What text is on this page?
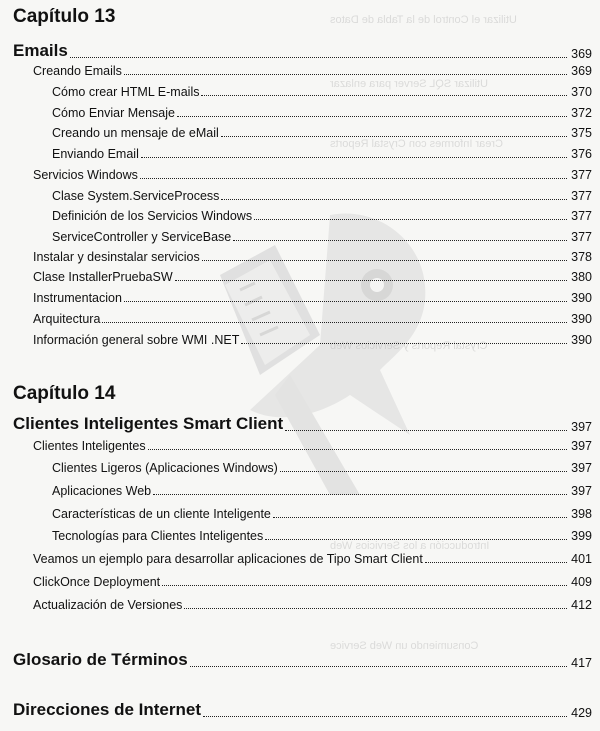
Utilizar el Control de la Tabla de Datos
Utilizar SQL Server para enlazar
Crear Informes con Crystal Reports
Crystal Reports y Servicios Web
Introducción a los Servicios Web
Consumiendo un Web Service
Capítulo 13
Emails	369
Creando Emails	369
Cómo crear HTML E-mails	370
Cómo Enviar Mensaje	372
Creando un mensaje de eMail	375
Enviando Email	376
Servicios Windows	377
Clase System.ServiceProcess	377
Definición de los Servicios Windows	377
ServiceController y ServiceBase	377
Instalar y desinstalar servicios	378
Clase InstallerPruebaSW	380
Instrumentacion	390
Arquitectura	390
Información general sobre WMI .NET	390
Capítulo 14
Clientes Inteligentes Smart Client	397
Clientes Inteligentes	397
Clientes Ligeros (Aplicaciones Windows)	397
Aplicaciones Web	397
Características de un cliente Inteligente	398
Tecnologías para Clientes Inteligentes	399
Veamos un ejemplo para desarrollar aplicaciones de Tipo Smart Client	401
ClickOnce Deployment	409
Actualización de Versiones	412
Glosario de Términos	417
Direcciones de Internet	429
